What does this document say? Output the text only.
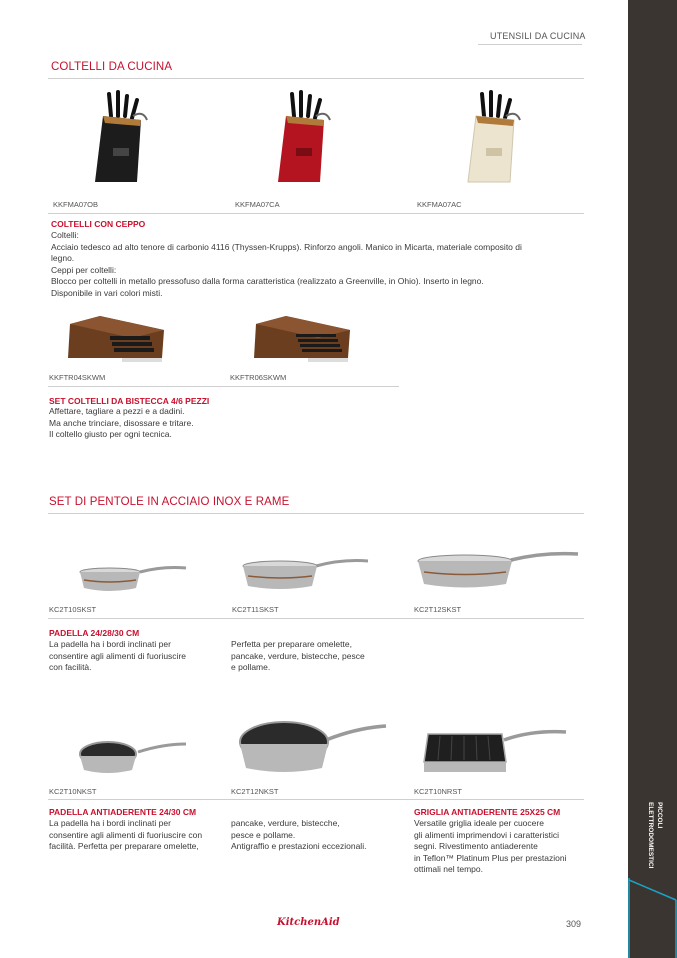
PICCOLI
ELETTRODOMESTICI
UTENSILI DA CUCINA
COLTELLI DA CUCINA
KKFMA07OB	KKFMA07CA	KKFMA07AC
COLTELLI CON CEPPO

Coltelli:

Acciaio tedesco ad alto tenore di carbonio 4116 (Thyssen-Krupps). Rinforzo angoli. Manico in Micarta, materiale composito di

legno.

Ceppi per coltelli:

Blocco per coltelli in metallo pressofuso dalla forma caratteristica (realizzato a Greenville, in Ohio). Inserto in legno.

Disponibile in vari colori misti.

KKFTR04SKWM	KKFTR06SKWM
SET COLTELLI DA BISTECCA 4/6 PEZZI

Affettare, tagliare a pezzi e a dadini.

Ma anche trinciare, disossare e tritare.

Il coltello giusto per ogni tecnica.

SET DI PENTOLE IN ACCIAIO INOX E RAME
KC2T10SKST	KC2T11SKST	KC2T12SKST
PADELLA 24/28/30 CM

La padella ha i bordi inclinati per

consentire agli alimenti di fuoriuscire

con facilità.

Perfetta per preparare omelette,

pancake, verdure, bistecche, pesce

e pollame.

KC2T10NKST	KC2T12NKST	KC2T10NRST
PADELLA ANTIADERENTE 24/30 CM

La padella ha i bordi inclinati per

consentire agli alimenti di fuoriuscire con

facilità. Perfetta per preparare omelette,

pancake, verdure, bistecche,

pesce e pollame.

Antigraffio e prestazioni eccezionali.

GRIGLIA ANTIADERENTE 25X25 CM

Versatile griglia ideale per cuocere

gli alimenti imprimendovi i caratteristici

segni. Rivestimento antiaderente

in Teflon™ Platinum Plus per prestazioni

ottimali nel tempo.

KitchenAid	309
